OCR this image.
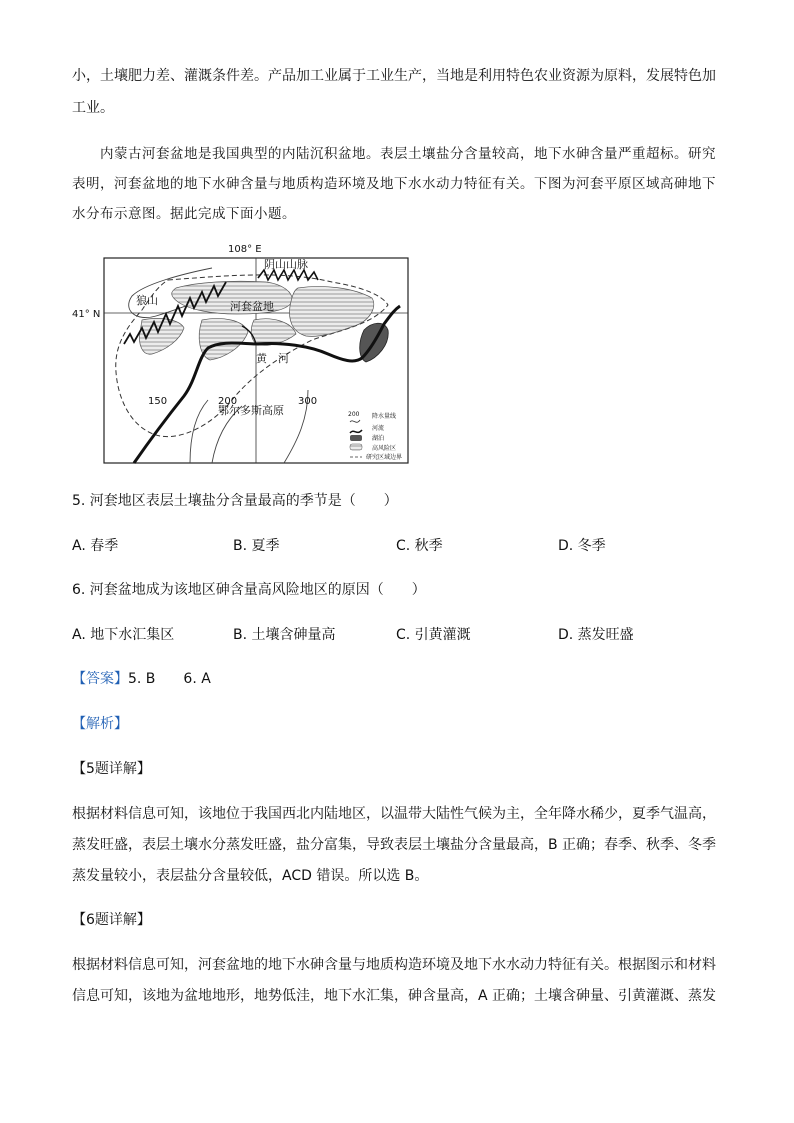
小，土壤肥力差、灌溉条件差。产品加工业属于工业生产，当地是利用特色农业资源为原料，发展特色加
工业。
内蒙古河套盆地是我国典型的内陆沉积盆地。表层土壤盐分含量较高，地下水砷含量严重超标。研究
表明，河套盆地的地下水砷含量与地质构造环境及地下水水动力特征有关。下图为河套平原区域高砷地下
水分布示意图。据此完成下面小题。
108° E
41° N
阴山山脉
狼山	河套盆地
黄　河
鄂尔多斯高原
150	200	300
200 降水量线
河流
湖泊
高风险区
研究区域边界
5. 河套地区表层土壤盐分含量最高的季节是（　　）
A. 春季	B. 夏季	C. 秋季	D. 冬季
6. 河套盆地成为该地区砷含量高风险地区的原因（　　）
A. 地下水汇集区	B. 土壤含砷量高	C. 引黄灌溉	D. 蒸发旺盛
【答案】5. B　　6. A
【解析】
【5题详解】
根据材料信息可知，该地位于我国西北内陆地区，以温带大陆性气候为主，全年降水稀少，夏季气温高，
蒸发旺盛，表层土壤水分蒸发旺盛，盐分富集，导致表层土壤盐分含量最高，B 正确；春季、秋季、冬季
蒸发量较小，表层盐分含量较低，ACD 错误。所以选 B。
【6题详解】
根据材料信息可知，河套盆地的地下水砷含量与地质构造环境及地下水水动力特征有关。根据图示和材料
信息可知，该地为盆地地形，地势低洼，地下水汇集，砷含量高，A 正确；土壤含砷量、引黄灌溉、蒸发
